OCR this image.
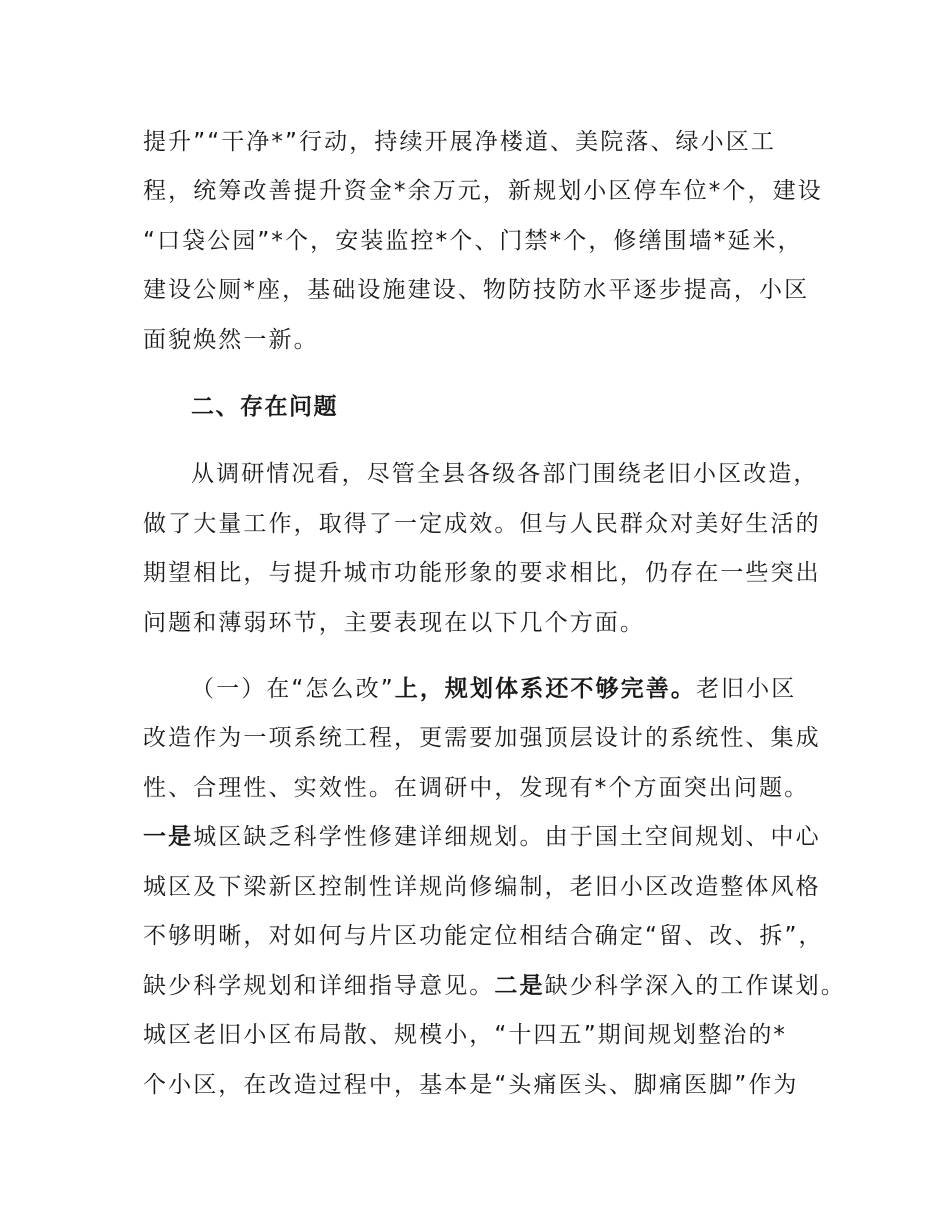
提升”“干净*”行动，持续开展净楼道、美院落、绿小区工
程，统筹改善提升资金*余万元，新规划小区停车位*个，建设
“口袋公园”*个，安装监控*个、门禁*个，修缮围墙*延米，
建设公厕*座，基础设施建设、物防技防水平逐步提高，小区
面貌焕然一新。
二、存在问题
从调研情况看，尽管全县各级各部门围绕老旧小区改造，
做了大量工作，取得了一定成效。但与人民群众对美好生活的
期望相比，与提升城市功能形象的要求相比，仍存在一些突出
问题和薄弱环节，主要表现在以下几个方面。
（一）在“怎么改”上，规划体系还不够完善。老旧小区
改造作为一项系统工程，更需要加强顶层设计的系统性、集成
性、合理性、实效性。在调研中，发现有*个方面突出问题。
一是城区缺乏科学性修建详细规划。由于国土空间规划、中心
城区及下梁新区控制性详规尚修编制，老旧小区改造整体风格
不够明晰，对如何与片区功能定位相结合确定“留、改、拆”，
缺少科学规划和详细指导意见。二是缺少科学深入的工作谋划。
城区老旧小区布局散、规模小，“十四五”期间规划整治的*
个小区，在改造过程中，基本是“头痛医头、脚痛医脚”作为
